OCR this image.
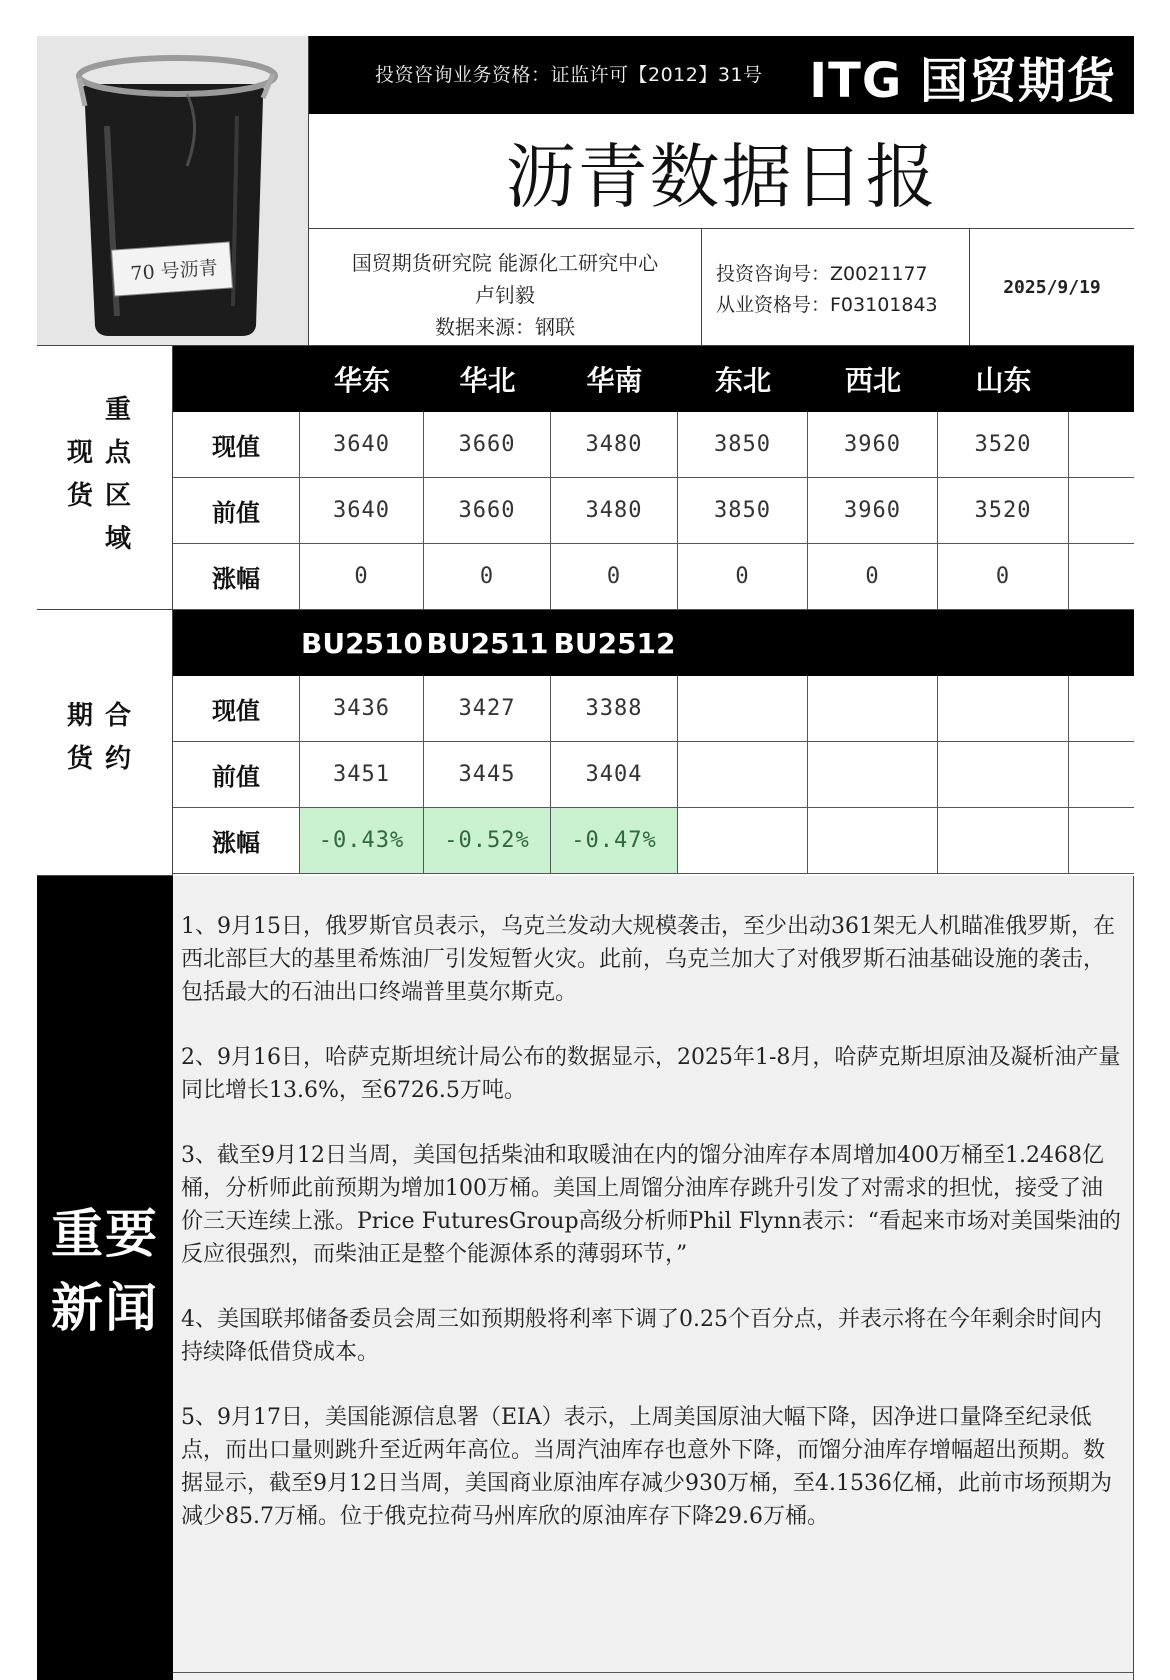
70 号沥青
投资咨询业务资格：证监许可【2012】31号 ITG 国贸期货
沥青数据日报
国贸期货研究院 能源化工研究中心
卢钊毅
数据来源：钢联
投资咨询号：Z0021177
从业资格号：F03101843
2025/9/19
现货
重点区域
华东	华北	华南	东北	西北	山东
现值	3640	3660	3480	3850	3960	3520
前值	3640	3660	3480	3850	3960	3520
涨幅	0	0	0	0	0	0
期货
合约
BU2510 BU2511 BU2512
现值	3436	3427	3388
前值	3451	3445	3404
涨幅	-0.43%	-0.52%	-0.47%
重要
新闻

1、9月15日，俄罗斯官员表示，乌克兰发动大规模袭击，至少出动361架无人机瞄准俄罗斯，在西北部巨大的基里希炼油厂引发短暂火灾。此前，乌克兰加大了对俄罗斯石油基础设施的袭击，包括最大的石油出口终端普里莫尔斯克。

2、9月16日，哈萨克斯坦统计局公布的数据显示，2025年1-8月，哈萨克斯坦原油及凝析油产量同比增长13.6%，至6726.5万吨。

3、截至9月12日当周，美国包括柴油和取暖油在内的馏分油库存本周增加400万桶至1.2468亿桶，分析师此前预期为增加100万桶。美国上周馏分油库存跳升引发了对需求的担忧，接受了油价三天连续上涨。Price FuturesGroup高级分析师Phil Flynn表示：“看起来市场对美国柴油的反应很强烈，而柴油正是整个能源体系的薄弱环节，”

4、美国联邦储备委员会周三如预期般将利率下调了0.25个百分点，并表示将在今年剩余时间内持续降低借贷成本。

5、9月17日，美国能源信息署（EIA）表示，上周美国原油大幅下降，因净进口量降至纪录低点，而出口量则跳升至近两年高位。当周汽油库存也意外下降，而馏分油库存增幅超出预期。数据显示，截至9月12日当周，美国商业原油库存减少930万桶，至4.1536亿桶，此前市场预期为减少85.7万桶。位于俄克拉荷马州库欣的原油库存下降29.6万桶。
